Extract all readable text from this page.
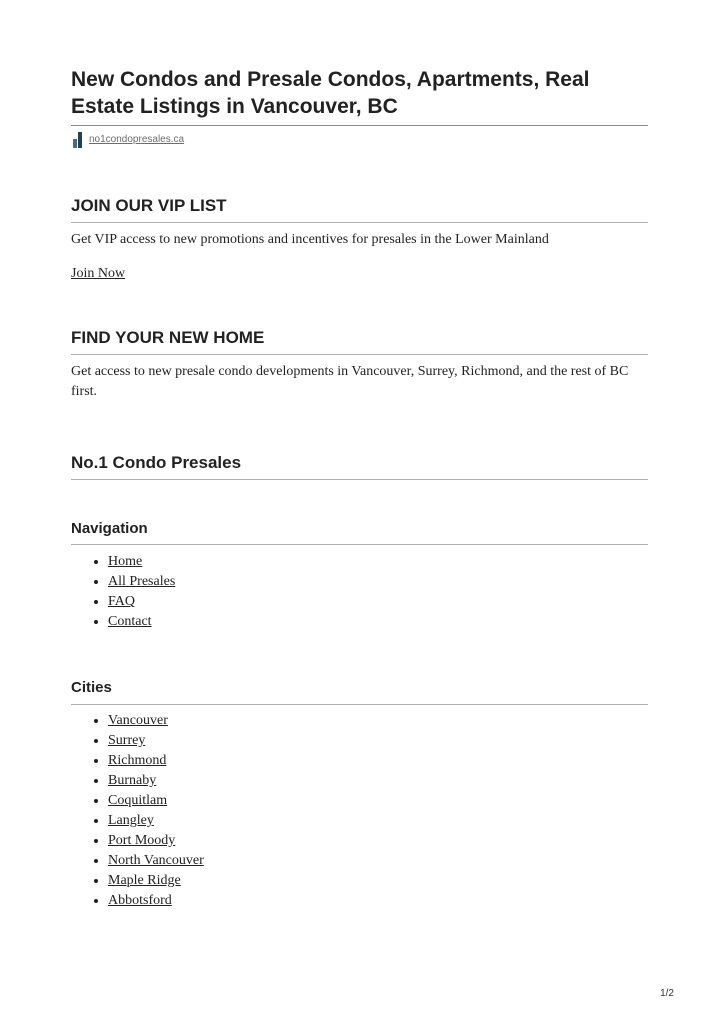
New Condos and Presale Condos, Apartments, Real Estate Listings in Vancouver, BC
no1condopresales.ca
JOIN OUR VIP LIST

Get VIP access to new promotions and incentives for presales in the Lower Mainland

Join Now

FIND YOUR NEW HOME

Get access to new presale condo developments in Vancouver, Surrey, Richmond, and the rest of BC first.

No.1 Condo Presales
Navigation
• Home
• All Presales
• FAQ
• Contact
Cities
• Vancouver
• Surrey
• Richmond
• Burnaby
• Coquitlam
• Langley
• Port Moody
• North Vancouver
• Maple Ridge
• Abbotsford
1/2
